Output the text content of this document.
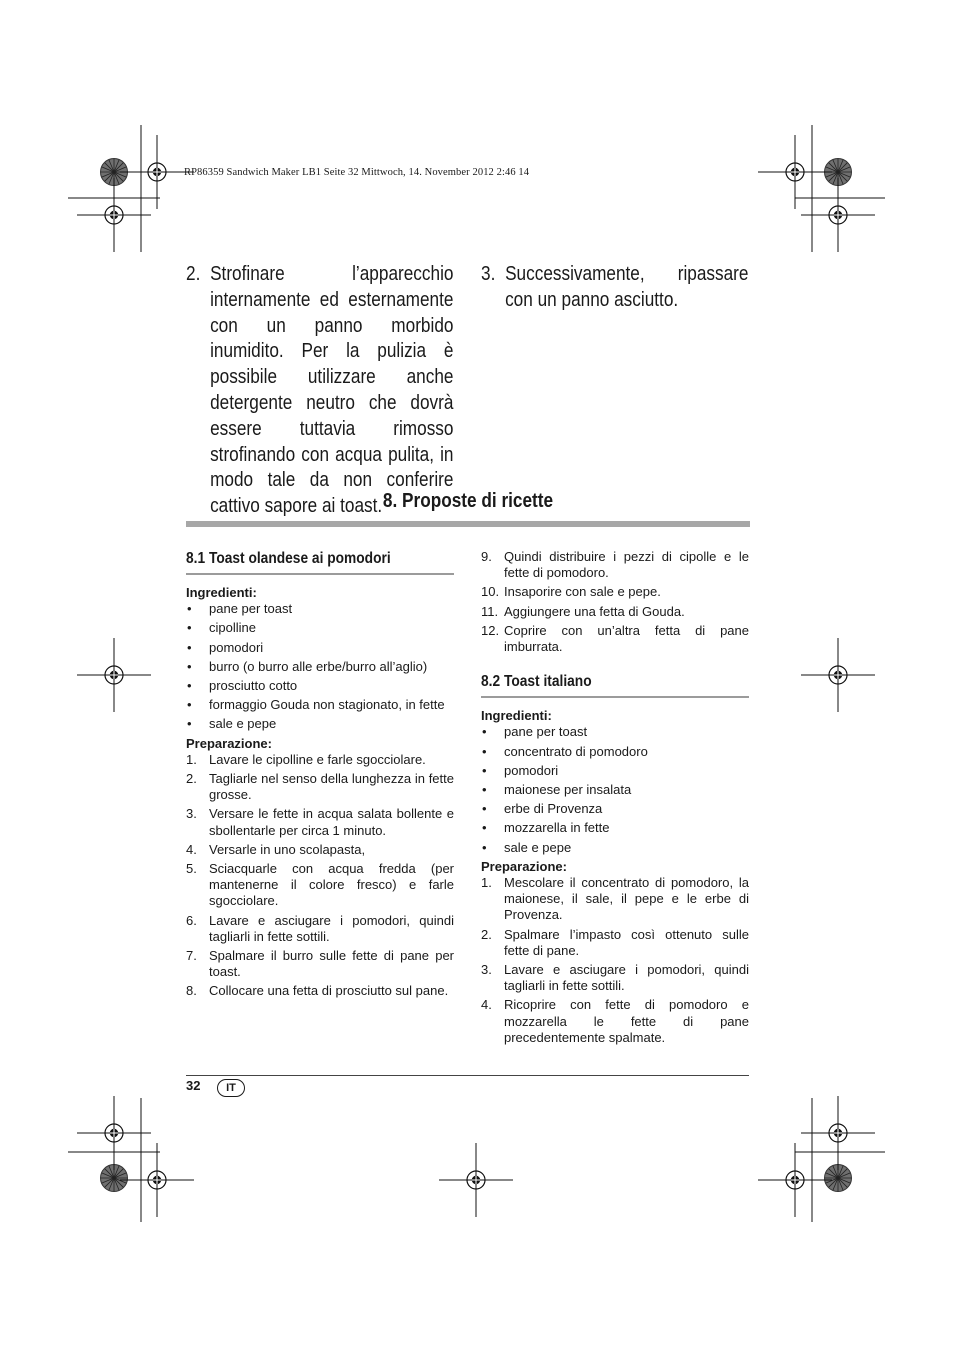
RP86359 Sandwich Maker LB1 Seite 32 Mittwoch, 14. November 2012 2:46 14
2. Strofinare l’apparecchio internamente ed esternamente con un panno morbido inumidito. Per la pulizia è possibile utilizzare anche detergente neutro che dovrà essere tuttavia rimosso strofinando con acqua pulita, in modo tale da non conferire cattivo sapore ai toast.
3. Successivamente, ripassare con un panno asciutto.
8. Proposte di ricette
8.1 Toast olandese ai pomodori
Ingredienti:
• pane per toast
• cipolline
• pomodori
• burro (o burro alle erbe/burro all’aglio)
• prosciutto cotto
• formaggio Gouda non stagionato, in fette
• sale e pepe
Preparazione:
1. Lavare le cipolline e farle sgocciolare.
2. Tagliarle nel senso della lunghezza in fette grosse.
3. Versare le fette in acqua salata bollente e sbollentarle per circa 1 minuto.
4. Versarle in uno scolapasta,
5. Sciacquarle con acqua fredda (per mantenerne il colore fresco) e farle sgocciolare.
6. Lavare e asciugare i pomodori, quindi tagliarli in fette sottili.
7. Spalmare il burro sulle fette di pane per toast.
8. Collocare una fetta di prosciutto sul pane.
9. Quindi distribuire i pezzi di cipolle e le fette di pomodoro.
10. Insaporire con sale e pepe.
11. Aggiungere una fetta di Gouda.
12. Coprire con un’altra fetta di pane imburrata.
8.2 Toast italiano
Ingredienti:
• pane per toast
• concentrato di pomodoro
• pomodori
• maionese per insalata
• erbe di Provenza
• mozzarella in fette
• sale e pepe
Preparazione:
1. Mescolare il concentrato di pomodoro, la maionese, il sale, il pepe e le erbe di Provenza.
2. Spalmare l’impasto così ottenuto sulle fette di pane.
3. Lavare e asciugare i pomodori, quindi tagliarli in fette sottili.
4. Ricoprire con fette di pomodoro e mozzarella le fette di pane precedentemente spalmate.
32	IT
